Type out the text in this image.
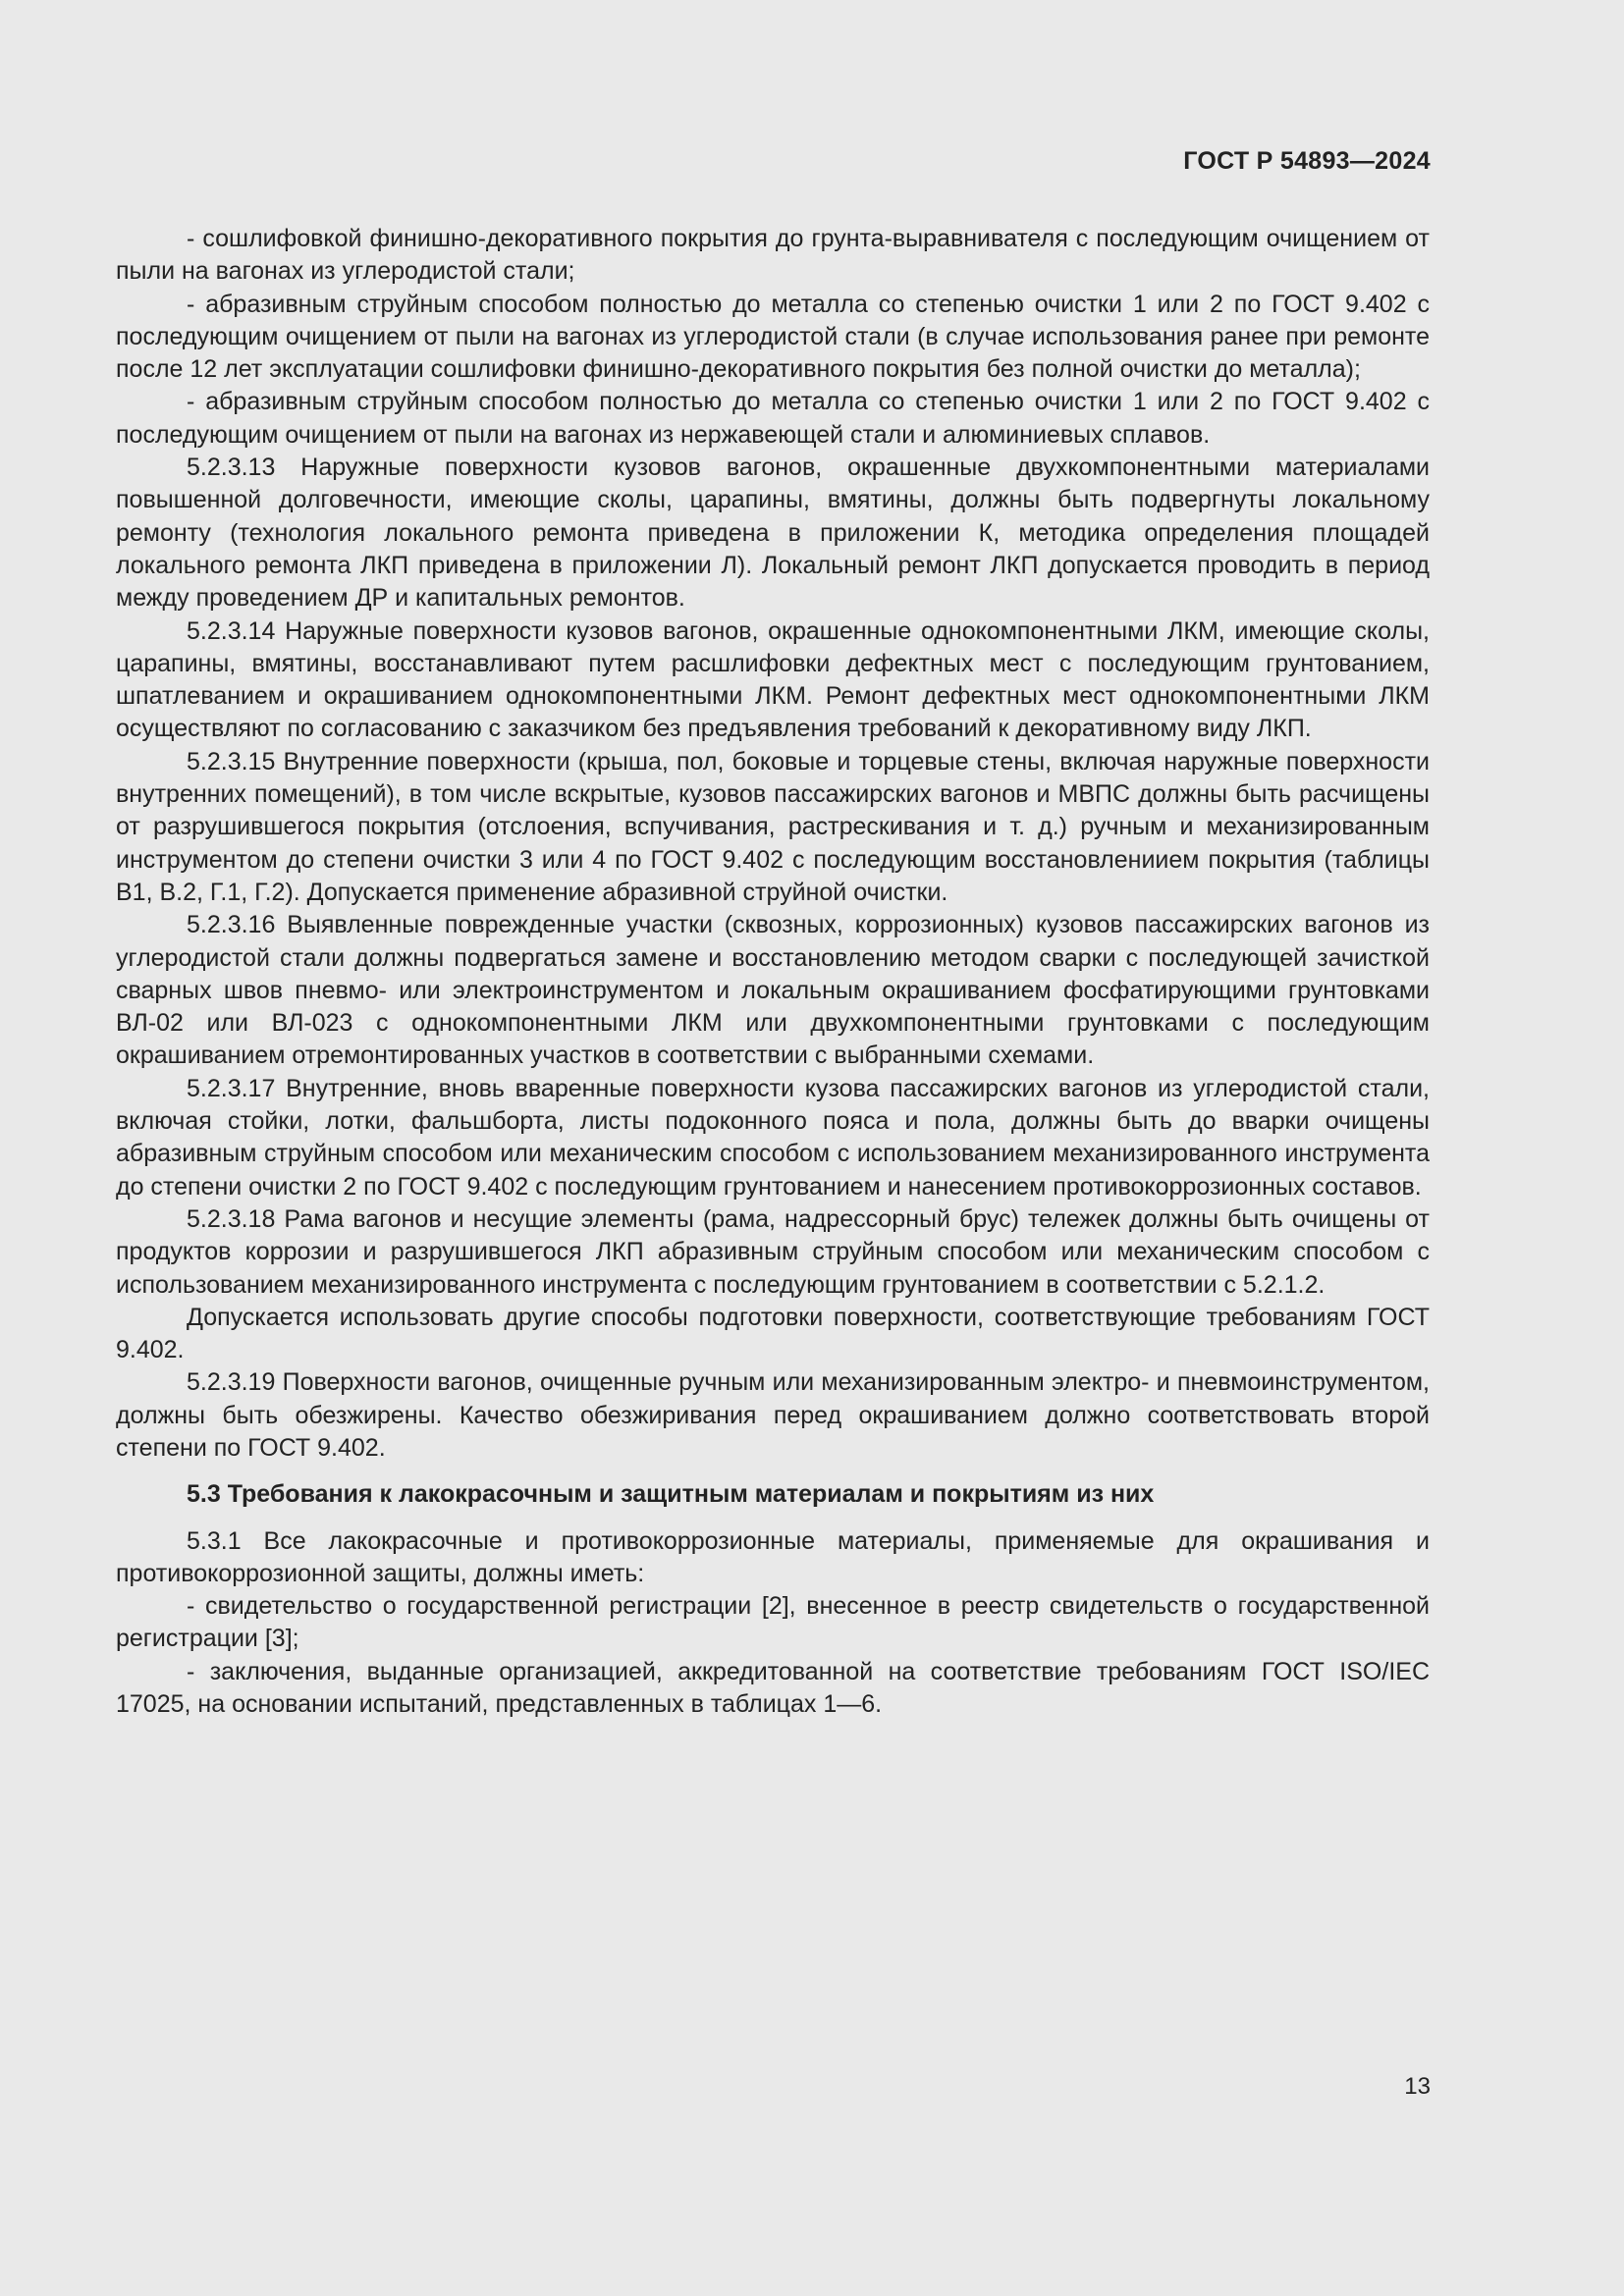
ГОСТ Р 54893—2024

- сошлифовкой финишно-декоративного покрытия до грунта-выравнивателя с последующим очищением от пыли на вагонах из углеродистой стали;

- абразивным струйным способом полностью до металла со степенью очистки 1 или 2 по ГОСТ 9.402 с последующим очищением от пыли на вагонах из углеродистой стали (в случае использования ранее при ремонте после 12 лет эксплуатации сошлифовки финишно-декоративного покрытия без полной очистки до металла);

- абразивным струйным способом полностью до металла со степенью очистки 1 или 2 по ГОСТ 9.402 с последующим очищением от пыли на вагонах из нержавеющей стали и алюминиевых сплавов.

5.2.3.13 Наружные поверхности кузовов вагонов, окрашенные двухкомпонентными материалами повышенной долговечности, имеющие сколы, царапины, вмятины, должны быть подвергнуты локальному ремонту (технология локального ремонта приведена в приложении К, методика определения площадей локального ремонта ЛКП приведена в приложении Л). Локальный ремонт ЛКП допускается проводить в период между проведением ДР и капитальных ремонтов.

5.2.3.14 Наружные поверхности кузовов вагонов, окрашенные однокомпонентными ЛКМ, имеющие сколы, царапины, вмятины, восстанавливают путем расшлифовки дефектных мест с последующим грунтованием, шпатлеванием и окрашиванием однокомпонентными ЛКМ. Ремонт дефектных мест однокомпонентными ЛКМ осуществляют по согласованию с заказчиком без предъявления требований к декоративному виду ЛКП.

5.2.3.15 Внутренние поверхности (крыша, пол, боковые и торцевые стены, включая наружные поверхности внутренних помещений), в том числе вскрытые, кузовов пассажирских вагонов и МВПС должны быть расчищены от разрушившегося покрытия (отслоения, вспучивания, растрескивания и т. д.) ручным и механизированным инструментом до степени очистки 3 или 4 по ГОСТ 9.402 с последующим восстановлениием покрытия (таблицы В1, В.2, Г.1, Г.2). Допускается применение абразивной струйной очистки.

5.2.3.16 Выявленные поврежденные участки (сквозных, коррозионных) кузовов пассажирских вагонов из углеродистой стали должны подвергаться замене и восстановлению методом сварки с последующей зачисткой сварных швов пневмо- или электроинструментом и локальным окрашиванием фосфатирующими грунтовками ВЛ-02 или ВЛ-023 с однокомпонентными ЛКМ или двухкомпонентными грунтовками с последующим окрашиванием отремонтированных участков в соответствии с выбранными схемами.

5.2.3.17 Внутренние, вновь вваренные поверхности кузова пассажирских вагонов из углеродистой стали, включая стойки, лотки, фальшборта, листы подоконного пояса и пола, должны быть до вварки очищены абразивным струйным способом или механическим способом с использованием механизированного инструмента до степени очистки 2 по ГОСТ 9.402 с последующим грунтованием и нанесением противокоррозионных составов.

5.2.3.18 Рама вагонов и несущие элементы (рама, надрессорный брус) тележек должны быть очищены от продуктов коррозии и разрушившегося ЛКП абразивным струйным способом или механическим способом с использованием механизированного инструмента с последующим грунтованием в соответствии с 5.2.1.2.

Допускается использовать другие способы подготовки поверхности, соответствующие требованиям ГОСТ 9.402.

5.2.3.19 Поверхности вагонов, очищенные ручным или механизированным электро- и пневмоинструментом, должны быть обезжирены. Качество обезжиривания перед окрашиванием должно соответствовать второй степени по ГОСТ 9.402.

5.3 Требования к лакокрасочным и защитным материалам и покрытиям из них

5.3.1 Все лакокрасочные и противокоррозионные материалы, применяемые для окрашивания и противокоррозионной защиты, должны иметь:

- свидетельство о государственной регистрации [2], внесенное в реестр свидетельств о государственной регистрации [3];

- заключения, выданные организацией, аккредитованной на соответствие требованиям ГОСТ ISO/IEC 17025, на основании испытаний, представленных в таблицах 1—6.

13
